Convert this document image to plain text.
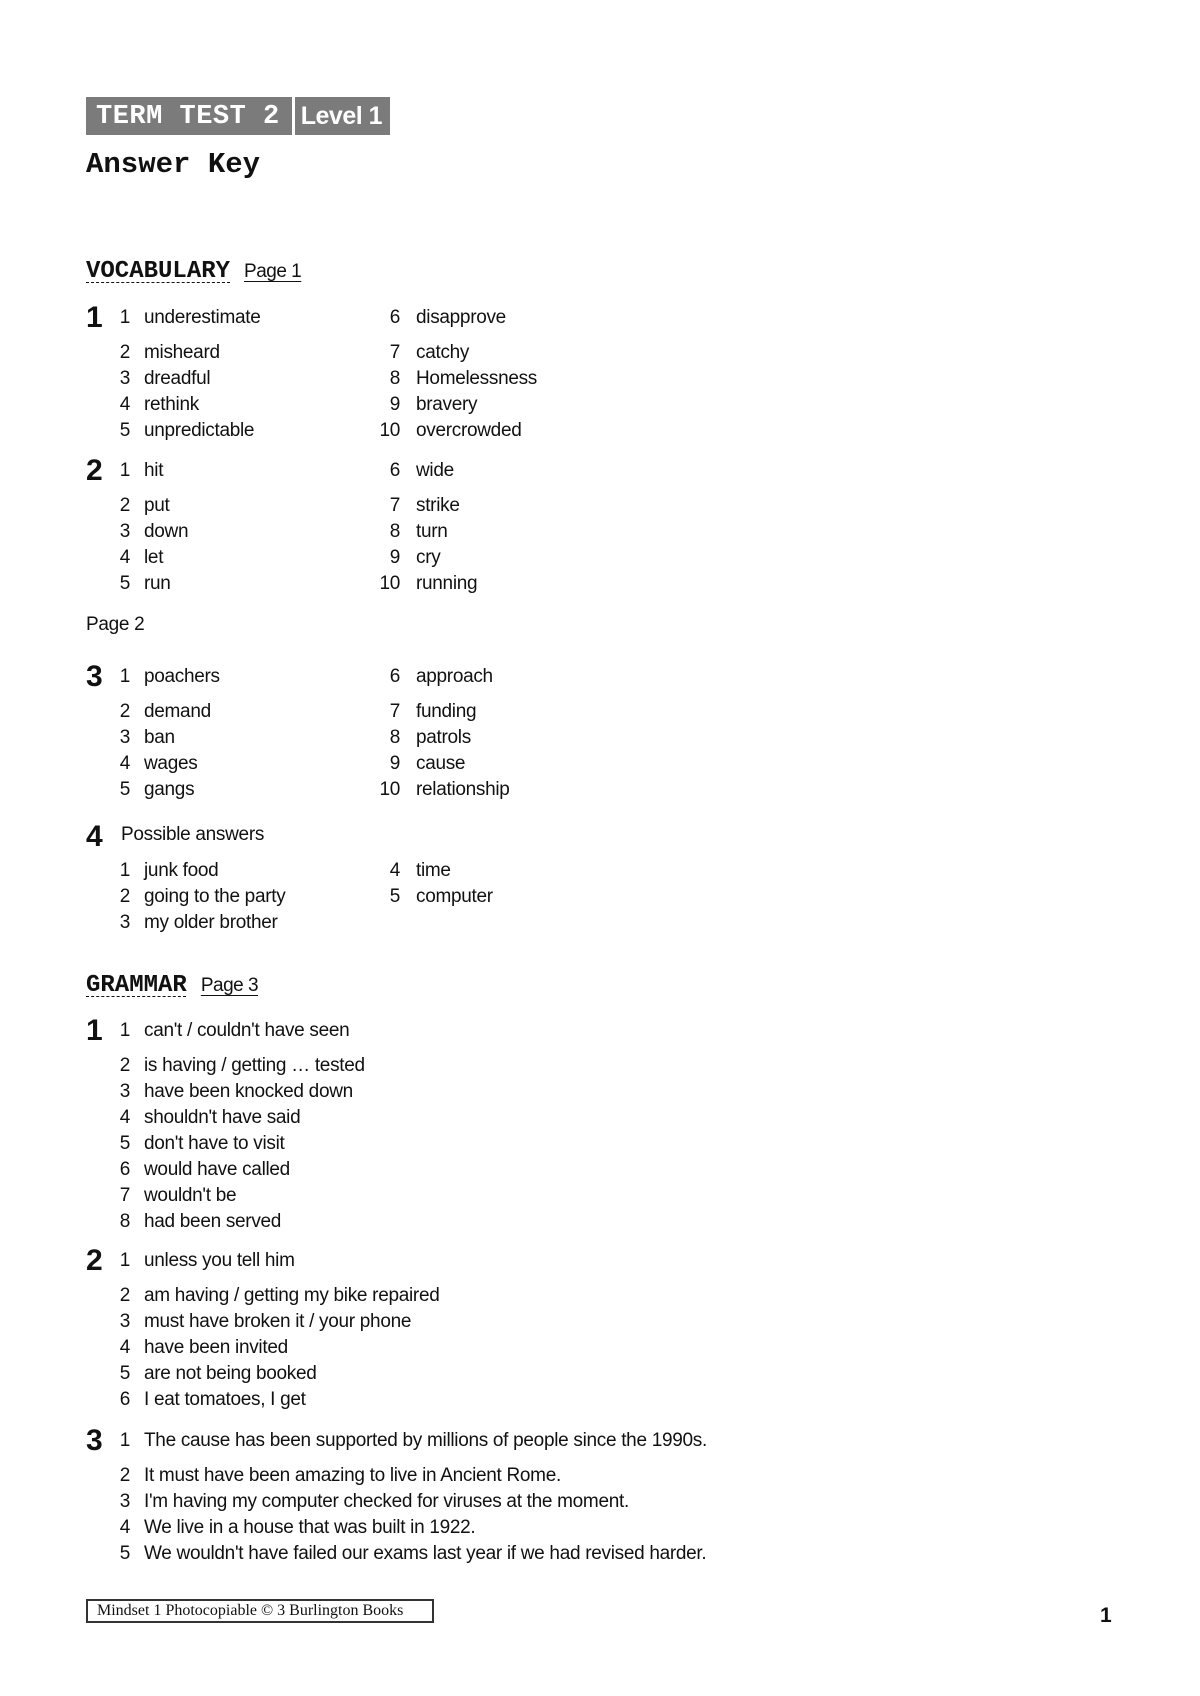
TERM TEST 2 Level 1
Answer Key
VOCABULARY Page 1
1 1 underestimate
2 misheard
3 dreadful
4 rethink
5 unpredictable
6 disapprove
7 catchy
8 Homelessness
9 bravery
10 overcrowded
2 1 hit
2 put
3 down
4 let
5 run
6 wide
7 strike
8 turn
9 cry
10 running
3 1 poachers
2 demand
3 ban
4 wages
5 gangs
6 approach
7 funding
8 patrols
9 cause
10 relationship
4
1 junk food
2 going to the party
3 my older brother
4 time
5 computer
1 1 can't / couldn't have seen
2 is having / getting … tested
3 have been knocked down
4 shouldn't have said
5 don't have to visit
6 would have called
7 wouldn't be
8 had been served
2 1 unless you tell him
2 am having / getting my bike repaired
3 must have broken it / your phone
4 have been invited
5 are not being booked
6 I eat tomatoes, I get
3 1 The cause has been supported by millions of people since the 1990s.
2 It must have been amazing to live in Ancient Rome.
3 I'm having my computer checked for viruses at the moment.
4 We live in a house that was built in 1922.
5 We wouldn't have failed our exams last year if we had revised harder.
Page 2
Possible answers
GRAMMAR Page 3
Mindset 1 Photocopiable © 3 Burlington Books	1
